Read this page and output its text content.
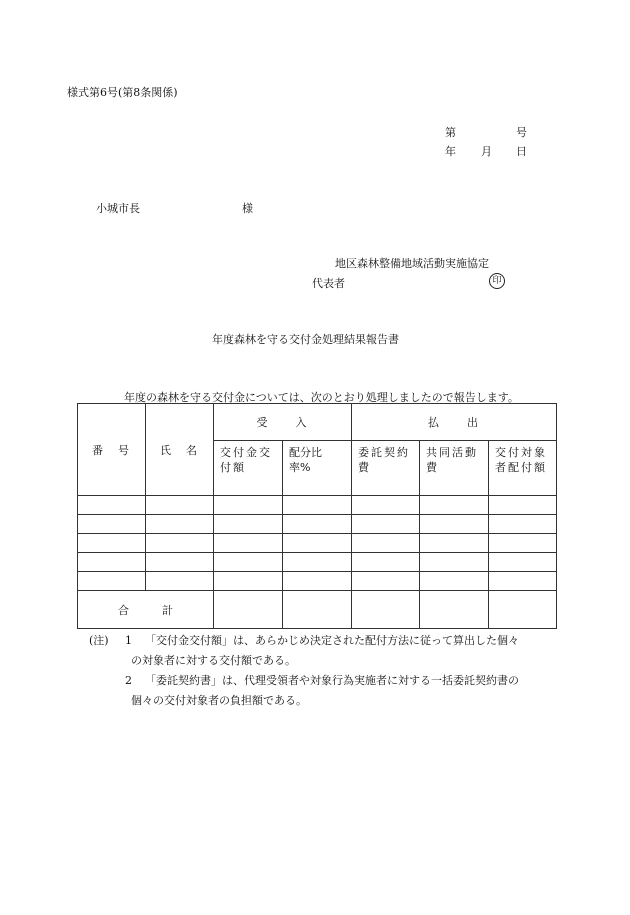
様式第6号(第8条関係)
第	号
年 月 日
小城市長	様
地区森林整備地域活動実施協定
代表者	印
年度森林を守る交付金処理結果報告書
年度の森林を守る交付金については、次のとおり処理しましたので報告します。
番　号	氏　名	受　　入		払　　出		

		交付金交付額	配分比率%	委託契約費	共同活動費	交付対象者配付額

合　　　計						
(注) 1 「交付金交付額」は、あらかじめ決定された配付方法に従って算出した個々
の対象者に対する交付額である。
2 「委託契約書」は、代理受領者や対象行為実施者に対する一括委託契約書の
個々の交付対象者の負担額である。
